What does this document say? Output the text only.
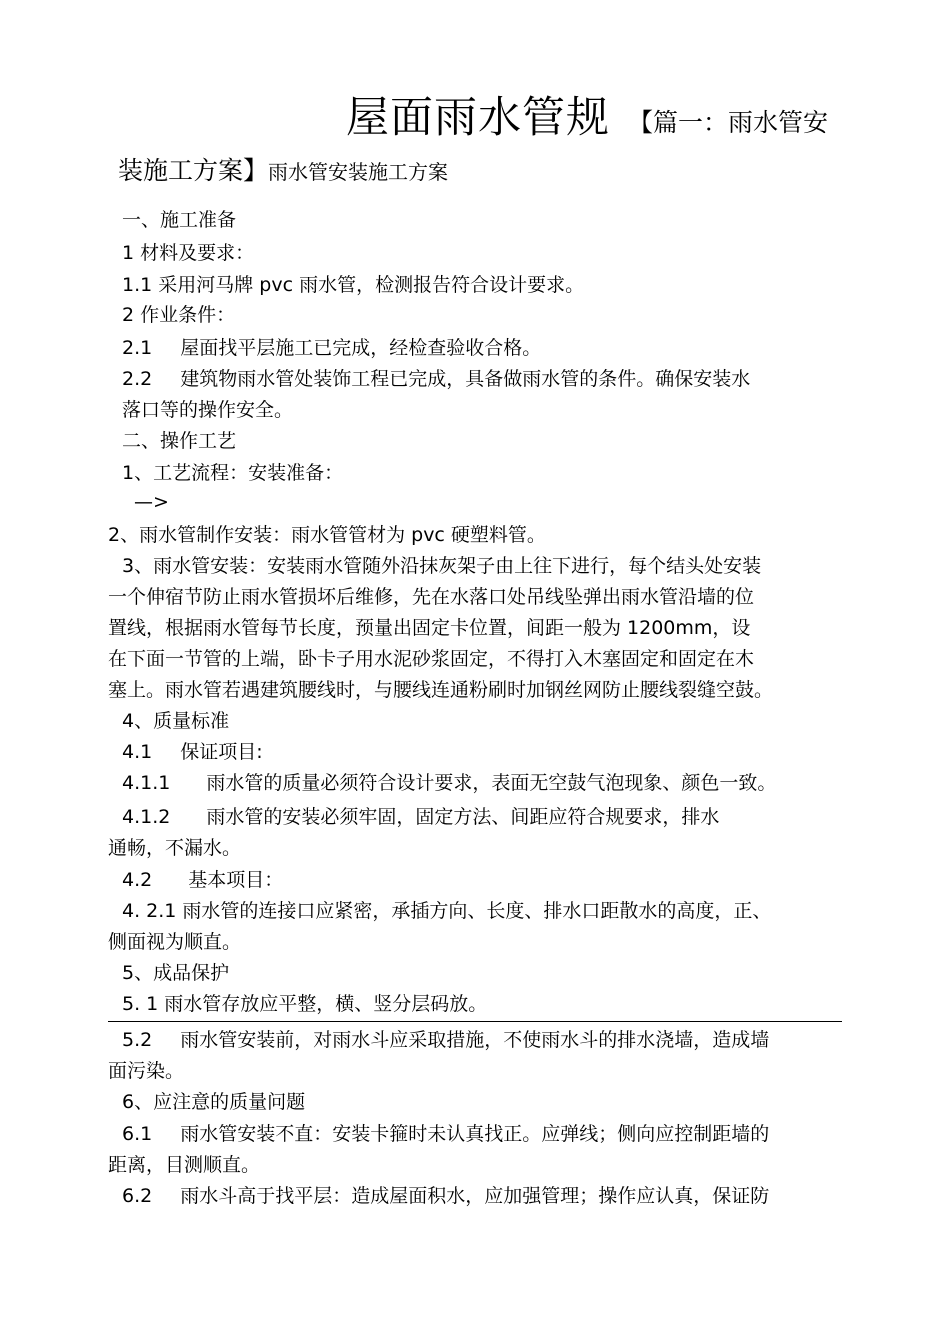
屋面雨水管规 【篇一：雨水管安
装施工方案】雨水管安装施工方案
一、施工准备
1 材料及要求：
1.1 采用河马牌 pvc 雨水管，检测报告符合设计要求。
2 作业条件：
2.1 屋面找平层施工已完成，经检查验收合格。
2.2 建筑物雨水管处装饰工程已完成，具备做雨水管的条件。确保安装水
落口等的操作安全。
二、操作工艺
1、工艺流程：安装准备：
—>
2、雨水管制作安装：雨水管管材为 pvc 硬塑料管。
3、雨水管安装：安装雨水管随外沿抹灰架子由上往下进行，每个结头处安装
一个伸宿节防止雨水管损坏后维修，先在水落口处吊线坠弹出雨水管沿墙的位
置线，根据雨水管每节长度，预量出固定卡位置，间距一般为 1200mm，设
在下面一节管的上端，卧卡子用水泥砂浆固定，不得打入木塞固定和固定在木
塞上。雨水管若遇建筑腰线时，与腰线连通粉刷时加钢丝网防止腰线裂缝空鼓。
4、质量标准
4.1 保证项目:
4.1.1 雨水管的质量必须符合设计要求，表面无空鼓气泡现象、颜色一致。
4.1.2 雨水管的安装必须牢固，固定方法、间距应符合规要求，排水
通畅，不漏水。
4.2 基本项目：
4. 2.1 雨水管的连接口应紧密，承插方向、长度、排水口距散水的高度，正、
侧面视为顺直。
5、成品保护
5. 1 雨水管存放应平整，横、竖分层码放。
5.2 雨水管安装前，对雨水斗应采取措施，不使雨水斗的排水浇墙，造成墙
面污染。
6、应注意的质量问题
6.1 雨水管安装不直：安装卡箍时未认真找正。应弹线；侧向应控制距墙的
距离，目测顺直。
6.2 雨水斗高于找平层：造成屋面积水，应加强管理；操作应认真，保证防
